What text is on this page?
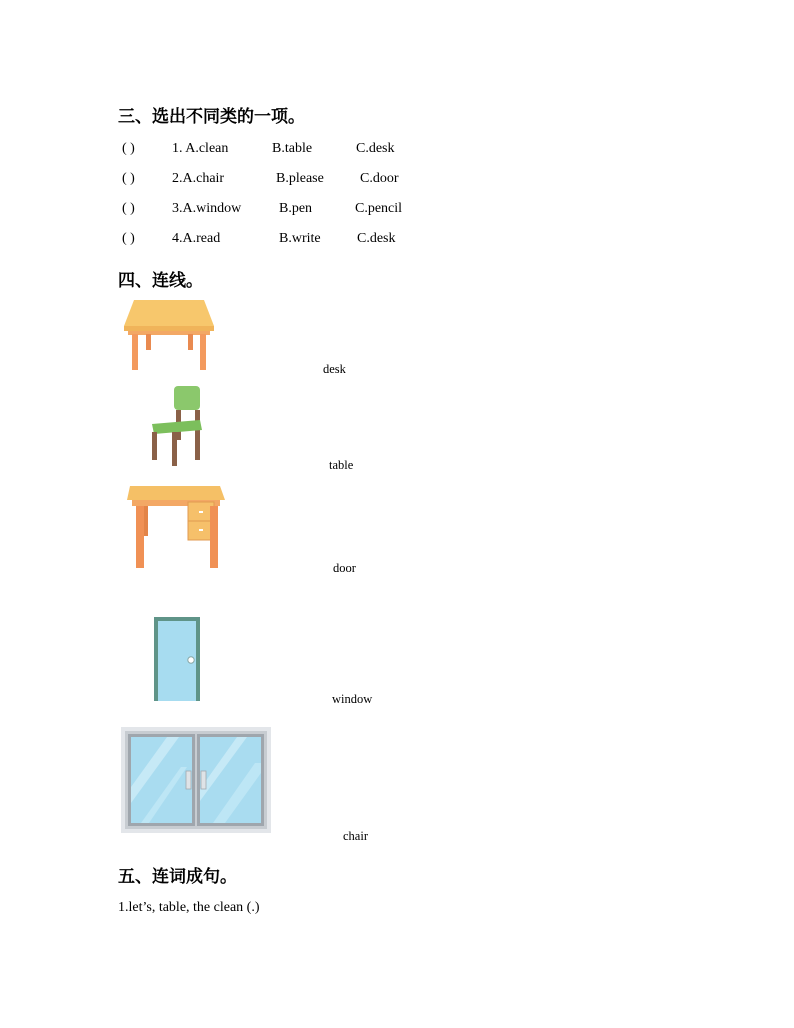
三、选出不同类的一项。
( )	1. A.clean	B.table	C.desk
( )	2.A.chair	B.please	C.door
( )	3.A.window	B.pen	C.pencil
( )	4.A.read	B.write	C.desk
四、连线。
desk
table
door
window
chair
五、连词成句。
1.let’s, table, the clean (.)
